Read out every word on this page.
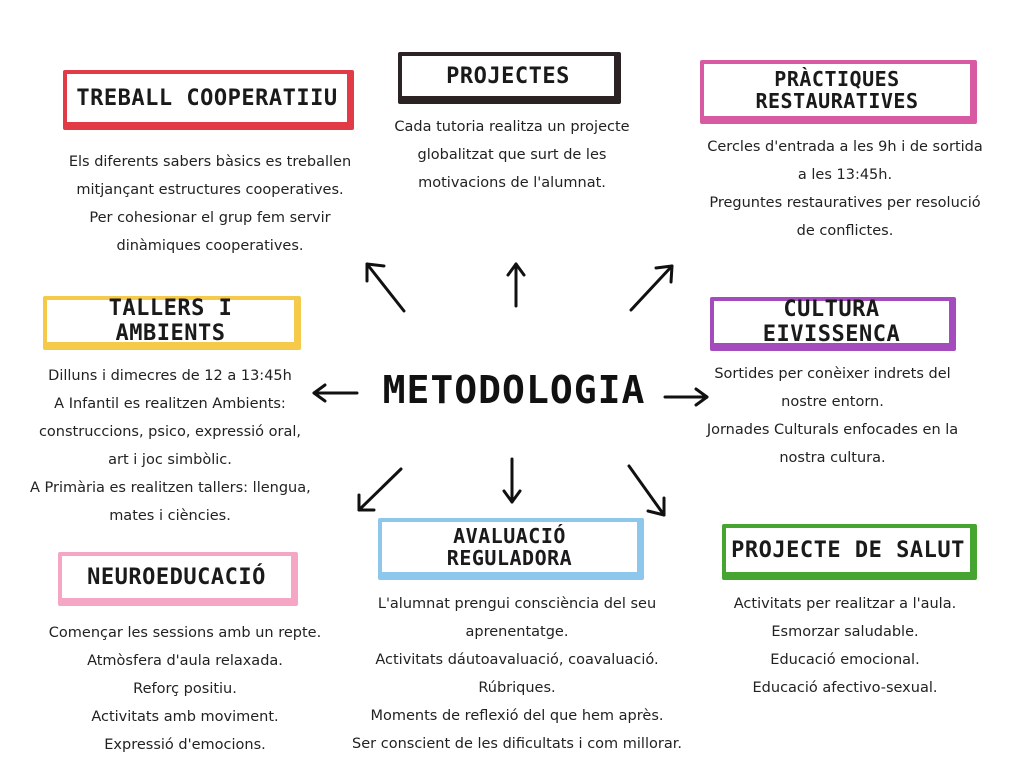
METODOLOGIA
TREBALL COOPERATIIU
Els diferents sabers bàsics es treballen
mitjançant estructures cooperatives.
Per cohesionar el grup fem servir
dinàmiques cooperatives.
PROJECTES
Cada tutoria realitza un projecte
globalitzat que surt de les
motivacions de l'alumnat.
PRÀCTIQUES
RESTAURATIVES
Cercles d'entrada a les 9h i de sortida
a les 13:45h.
Preguntes restauratives per resolució
de conflictes.
TALLERS I AMBIENTS
Dilluns i dimecres de 12 a 13:45h
A Infantil es realitzen Ambients:
construccions, psico, expressió oral,
art i joc simbòlic.
A Primària es realitzen tallers: llengua,
mates i ciències.
CULTURA EIVISSENCA
Sortides per conèixer indrets del
nostre entorn.
Jornades Culturals enfocades en la
nostra cultura.
NEUROEDUCACIÓ
Començar les sessions amb un repte.
Atmòsfera d'aula relaxada.
Reforç positiu.
Activitats amb moviment.
Expressió d'emocions.
AVALUACIÓ
REGULADORA
L'alumnat prengui consciència del seu
aprenentatge.
Activitats dáutoavaluació, coavaluació.
Rúbriques.
Moments de reflexió del que hem après.
Ser conscient de les dificultats i com millorar.
PROJECTE DE SALUT
Activitats per realitzar a l'aula.
Esmorzar saludable.
Educació emocional.
Educació afectivo-sexual.
